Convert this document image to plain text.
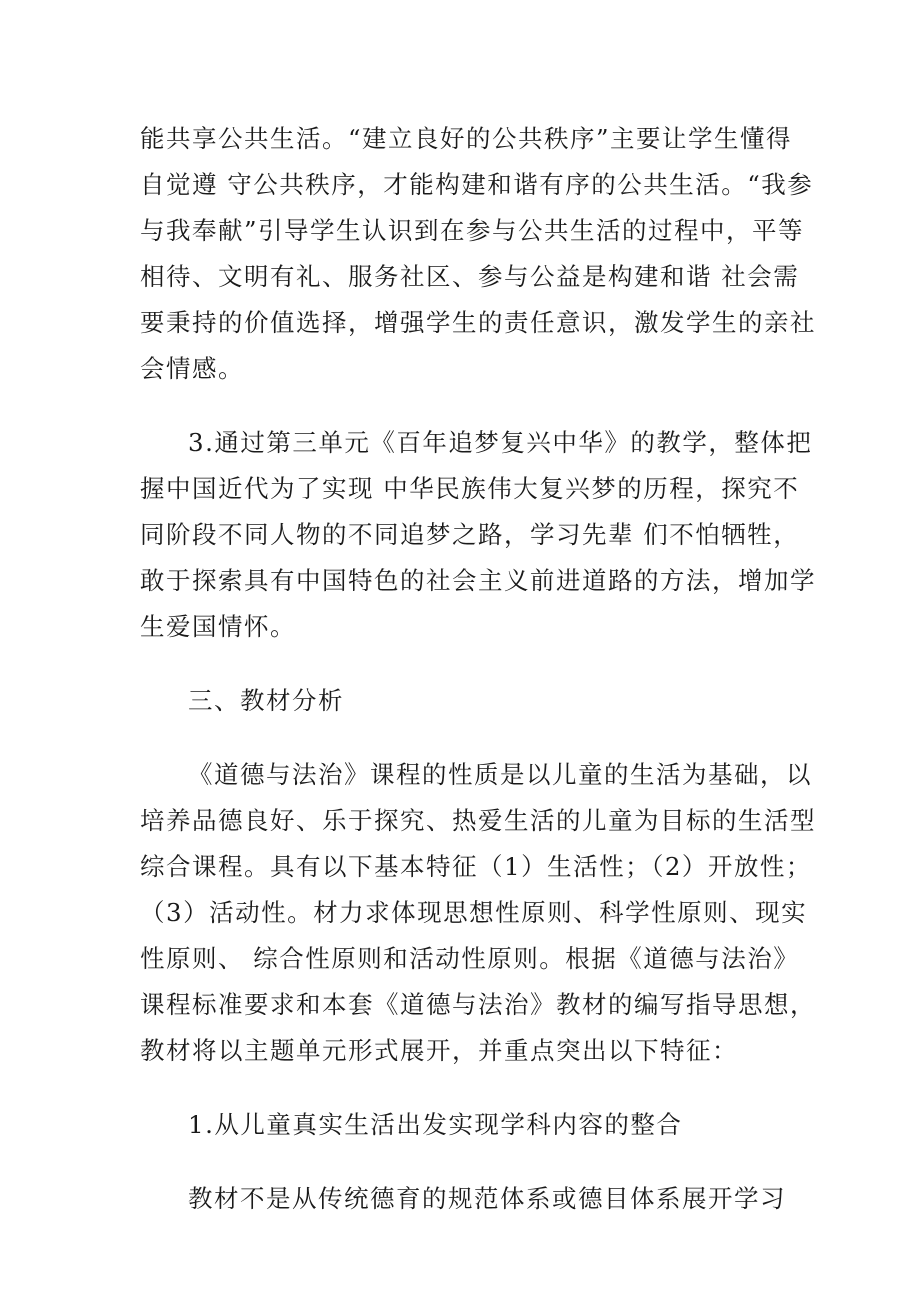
能共享公共生活。“建立良好的公共秩序”主要让学生懂得
自觉遵 守公共秩序，才能构建和谐有序的公共生活。“我参
与我奉献”引导学生认识到在参与公共生活的过程中，平等
相待、文明有礼、服务社区、参与公益是构建和谐 社会需
要秉持的价值选择，增强学生的责任意识，激发学生的亲社
会情感。
3.通过第三单元《百年追梦复兴中华》的教学，整体把
握中国近代为了实现 中华民族伟大复兴梦的历程，探究不
同阶段不同人物的不同追梦之路，学习先辈 们不怕牺牲，
敢于探索具有中国特色的社会主义前进道路的方法，增加学
生爱国情怀。
三、教材分析
《道德与法治》课程的性质是以儿童的生活为基础，以
培养品德良好、乐于探究、热爱生活的儿童为目标的生活型
综合课程。具有以下基本特征（1）生活性；（2）开放性；
（3）活动性。材力求体现思想性原则、科学性原则、现实
性原则、 综合性原则和活动性原则。根据《道德与法治》
课程标准要求和本套《道德与法治》教材的编写指导思想，
教材将以主题单元形式展开，并重点突出以下特征：
1.从儿童真实生活出发实现学科内容的整合
教材不是从传统德育的规范体系或德目体系展开学习
